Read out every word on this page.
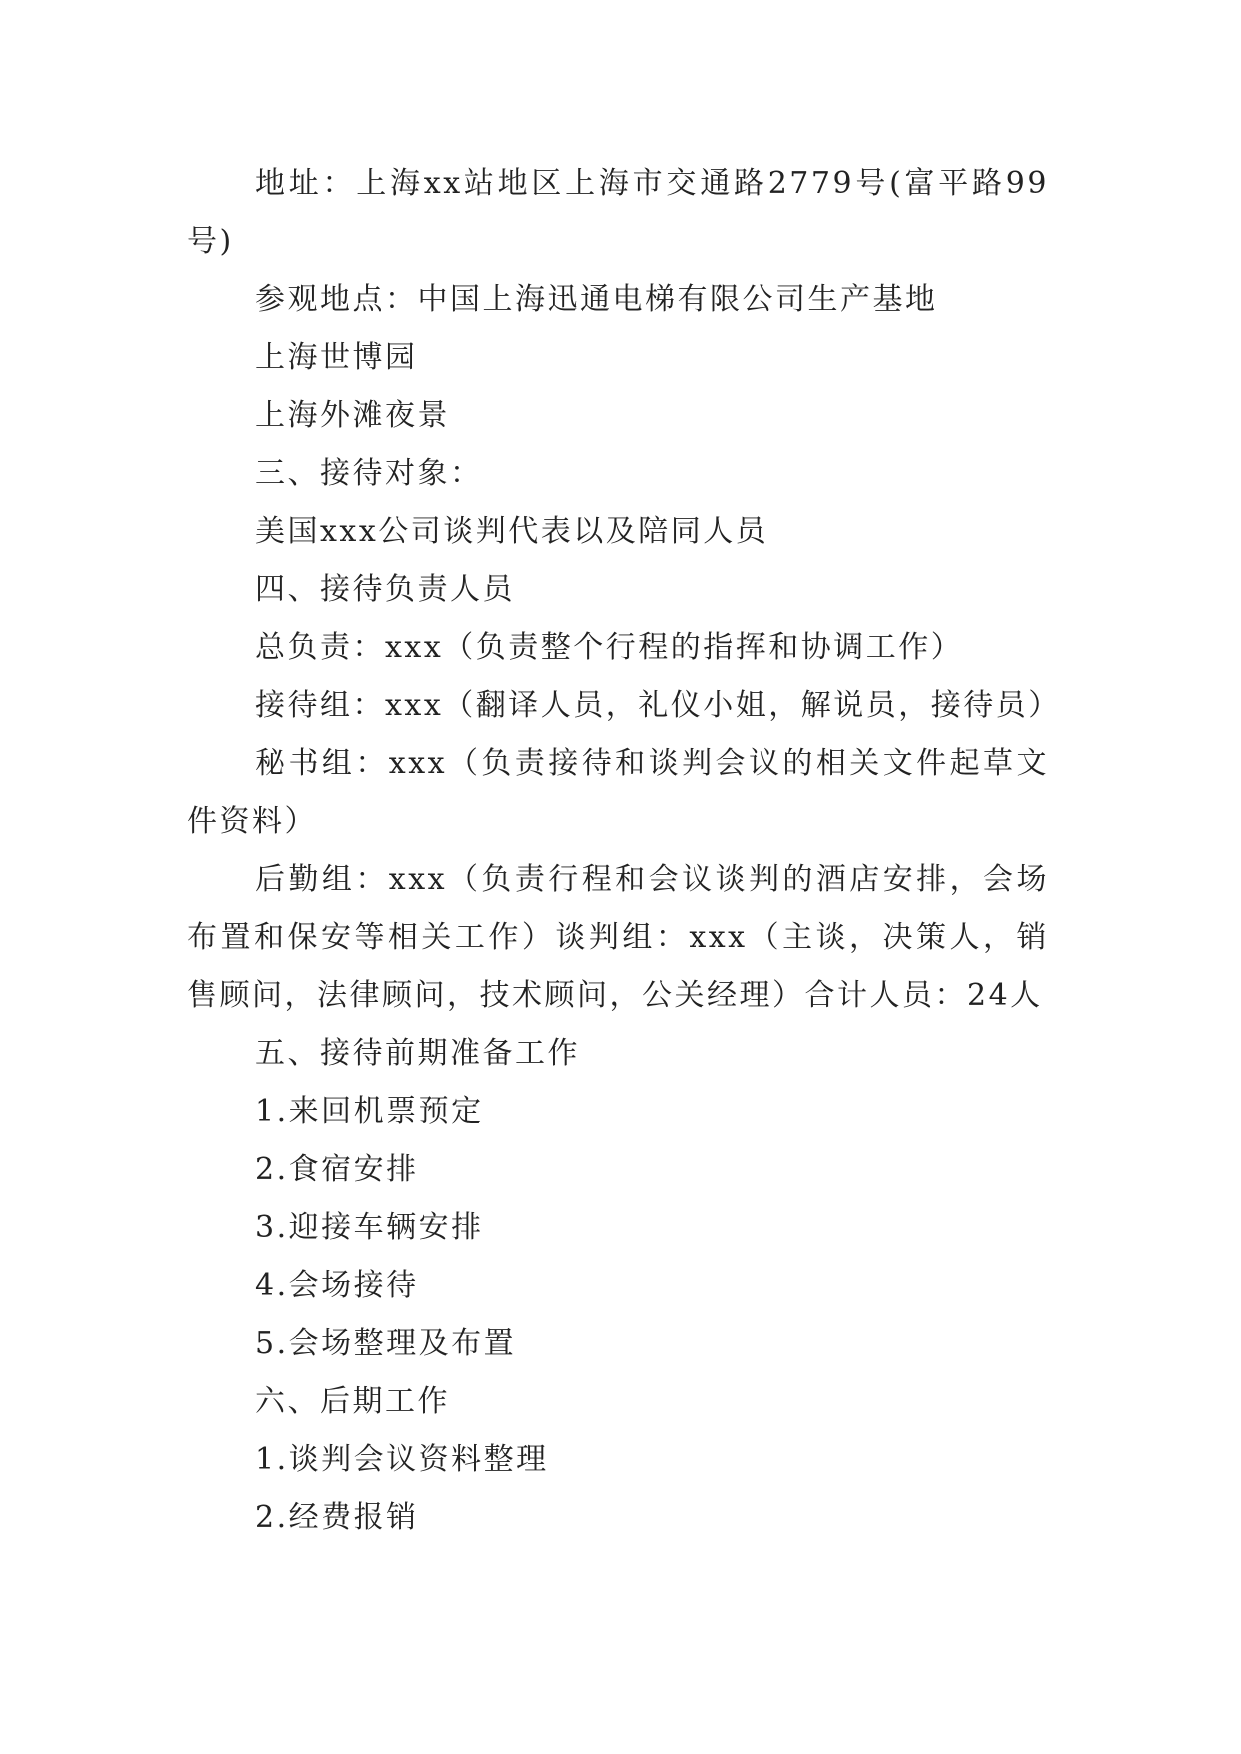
地址：上海xx站地区上海市交通路2779号(富平路99号)

参观地点：中国上海迅通电梯有限公司生产基地

上海世博园

上海外滩夜景

三、接待对象：

美国xxx公司谈判代表以及陪同人员

四、接待负责人员

总负责：xxx（负责整个行程的指挥和协调工作）

接待组：xxx（翻译人员，礼仪小姐，解说员，接待员）

秘书组：xxx（负责接待和谈判会议的相关文件起草文件资料）

后勤组：xxx（负责行程和会议谈判的酒店安排，会场布置和保安等相关工作）谈判组：xxx（主谈，决策人，销售顾问，法律顾问，技术顾问，公关经理）合计人员：24人

五、接待前期准备工作

1.来回机票预定

2.食宿安排

3.迎接车辆安排

4.会场接待

5.会场整理及布置

六、后期工作

1.谈判会议资料整理

2.经费报销
